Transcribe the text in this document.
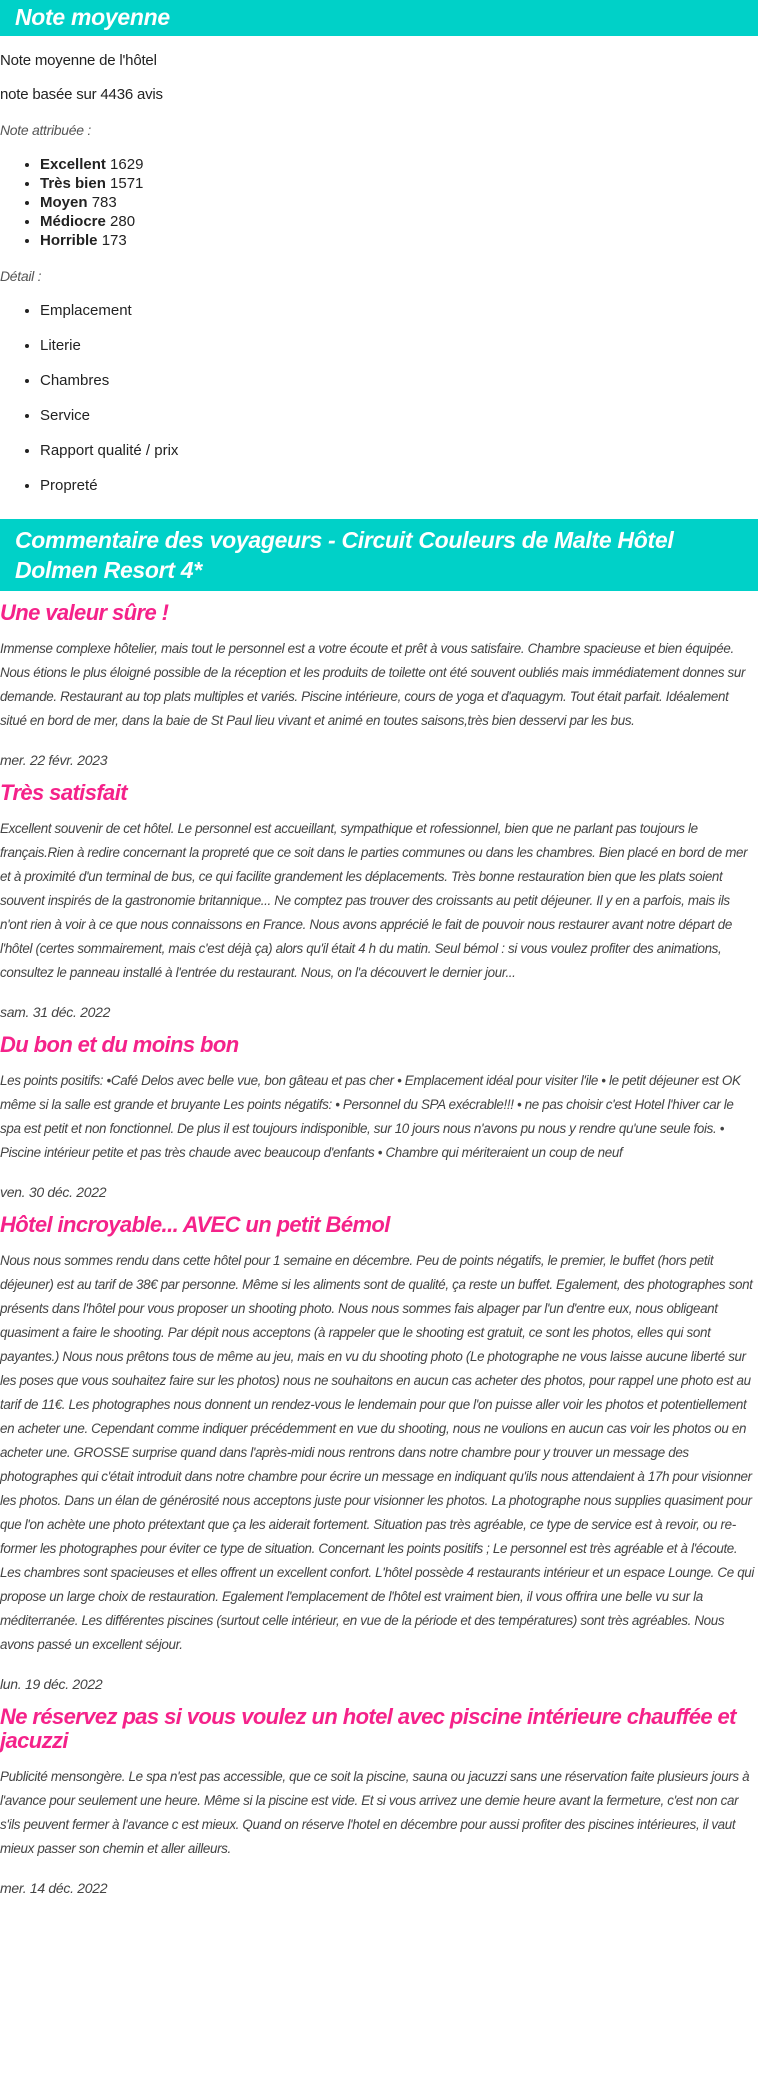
Note moyenne

Note moyenne de l'hôtel

note basée sur 4436 avis

Note attribuée :

• Excellent 1629
• Très bien 1571
• Moyen 783
• Médiocre 280
• Horrible 173

Détail :

• Emplacement
• Literie
• Chambres
• Service
• Rapport qualité / prix
• Propreté
Commentaire des voyageurs - Circuit Couleurs de Malte Hôtel Dolmen Resort 4*
Une valeur sûre !

Immense complexe hôtelier, mais tout le personnel est a votre écoute et prêt à vous satisfaire. Chambre spacieuse et bien équipée. Nous étions le plus éloigné possible de la réception et les produits de toilette ont été souvent oubliés mais immédiatement donnes sur demande. Restaurant au top plats multiples et variés. Piscine intérieure, cours de yoga et d'aquagym. Tout était parfait. Idéalement situé en bord de mer, dans la baie de St Paul lieu vivant et animé en toutes saisons,très bien desservi par les bus.

mer. 22 févr. 2023

Très satisfait

Excellent souvenir de cet hôtel. Le personnel est accueillant, sympathique et rofessionnel, bien que ne parlant pas toujours le français.Rien à redire concernant la propreté que ce soit dans le parties communes ou dans les chambres. Bien placé en bord de mer et à proximité d'un terminal de bus, ce qui facilite grandement les déplacements. Très bonne restauration bien que les plats soient souvent inspirés de la gastronomie britannique... Ne comptez pas trouver des croissants au petit déjeuner. Il y en a parfois, mais ils n'ont rien à voir à ce que nous connaissons en France. Nous avons apprécié le fait de pouvoir nous restaurer avant notre départ de l'hôtel (certes sommairement, mais c'est déjà ça) alors qu'il était 4 h du matin. Seul bémol : si vous voulez profiter des animations, consultez le panneau installé à l'entrée du restaurant. Nous, on l'a découvert le dernier jour...

sam. 31 déc. 2022

Du bon et du moins bon

Les points positifs: •Café Delos avec belle vue, bon gâteau et pas cher • Emplacement idéal pour visiter l'ile • le petit déjeuner est OK même si la salle est grande et bruyante Les points négatifs: • Personnel du SPA exécrable!!! • ne pas choisir c'est Hotel l'hiver car le spa est petit et non fonctionnel. De plus il est toujours indisponible, sur 10 jours nous n'avons pu nous y rendre qu'une seule fois. • Piscine intérieur petite et pas très chaude avec beaucoup d'enfants • Chambre qui mériteraient un coup de neuf

ven. 30 déc. 2022

Hôtel incroyable... AVEC un petit Bémol

Nous nous sommes rendu dans cette hôtel pour 1 semaine en décembre. Peu de points négatifs, le premier, le buffet (hors petit déjeuner) est au tarif de 38€ par personne. Même si les aliments sont de qualité, ça reste un buffet. Egalement, des photographes sont présents dans l'hôtel pour vous proposer un shooting photo. Nous nous sommes fais alpager par l'un d'entre eux, nous obligeant quasiment a faire le shooting. Par dépit nous acceptons (à rappeler que le shooting est gratuit, ce sont les photos, elles qui sont payantes.) Nous nous prêtons tous de même au jeu, mais en vu du shooting photo (Le photographe ne vous laisse aucune liberté sur les poses que vous souhaitez faire sur les photos) nous ne souhaitons en aucun cas acheter des photos, pour rappel une photo est au tarif de 11€. Les photographes nous donnent un rendez-vous le lendemain pour que l'on puisse aller voir les photos et potentiellement en acheter une. Cependant comme indiquer précédemment en vue du shooting, nous ne voulions en aucun cas voir les photos ou en acheter une. GROSSE surprise quand dans l'après-midi nous rentrons dans notre chambre pour y trouver un message des photographes qui c'était introduit dans notre chambre pour écrire un message en indiquant qu'ils nous attendaient à 17h pour visionner les photos. Dans un élan de générosité nous acceptons juste pour visionner les photos. La photographe nous supplies quasiment pour que l'on achète une photo prétextant que ça les aiderait fortement. Situation pas très agréable, ce type de service est à revoir, ou re-former les photographes pour éviter ce type de situation. Concernant les points positifs ; Le personnel est très agréable et à l'écoute. Les chambres sont spacieuses et elles offrent un excellent confort. L'hôtel possède 4 restaurants intérieur et un espace Lounge. Ce qui propose un large choix de restauration. Egalement l'emplacement de l'hôtel est vraiment bien, il vous offrira une belle vu sur la méditerranée. Les différentes piscines (surtout celle intérieur, en vue de la période et des températures) sont très agréables. Nous avons passé un excellent séjour.

lun. 19 déc. 2022

Ne réservez pas si vous voulez un hotel avec piscine intérieure chauffée et jacuzzi

Publicité mensongère. Le spa n'est pas accessible, que ce soit la piscine, sauna ou jacuzzi sans une réservation faite plusieurs jours à l'avance pour seulement une heure. Même si la piscine est vide. Et si vous arrivez une demie heure avant la fermeture, c'est non car s'ils peuvent fermer à l'avance c est mieux. Quand on réserve l'hotel en décembre pour aussi profiter des piscines intérieures, il vaut mieux passer son chemin et aller ailleurs.

mer. 14 déc. 2022
